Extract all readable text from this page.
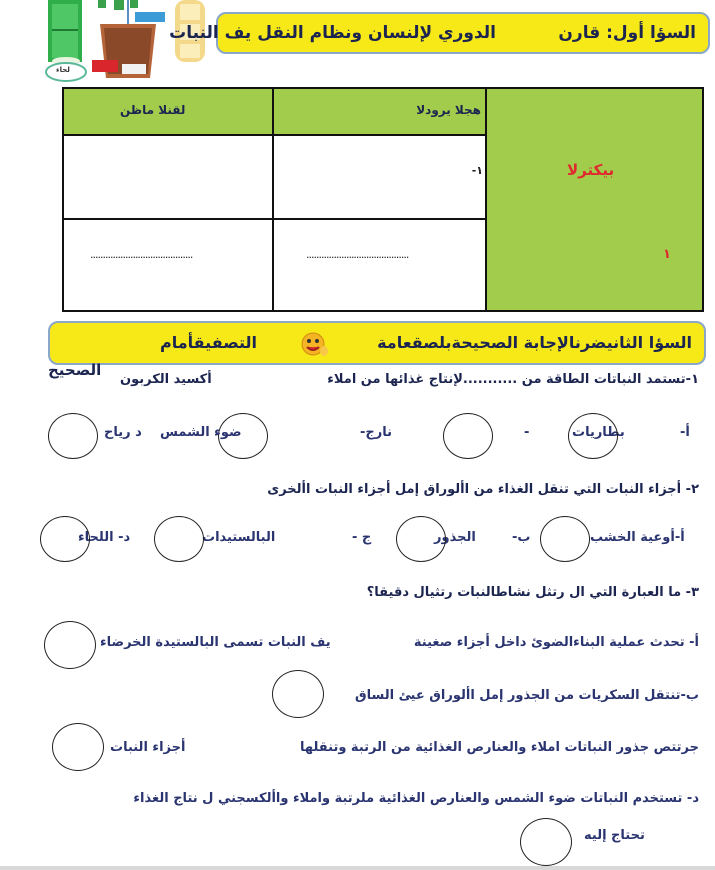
لحاء
السؤا أول: قارن
الدوري لإلنسان ونظام النقل يف النبات
بيكترلا
١
هجلا يرودلا
لقنلا ماظن
-١
.........................................
.........................................
السؤا الثانيضرنالإجابة الصحيحةبلصقعامة
التصفيقأمام
الصحيح
١-تستمد النباتات الطاقة من ...........لإنتاج غذائها من املاء
أكسيد الكربون
أ-
بطاريات
-
نارج-
ضوء الشمس
د رياح
٢- أجزاء النبات التي تنقل الغذاء من األوراق إمل أجزاء النبات األخرى
أ-أوعية الخشب
ب-
الجذور
ج -
البالستيدات
د- اللحاء
٣- ما العبارة التي ال رتثل نشاطالنبات رتثيال دقيقا؟
أ- تحدث عملية البناءالضوئ داخل أجزاء صغينة
يف النبات تسمى البالستيدة الخرضاء
ب-تنتقل السكريات من الجذور إمل األوراق عيئ الساق
جرتتص جذور النباتات املاء والعنارص الغذائية من الرتبة وتنقلها
أجزاء النبات
د- تستخدم النباتات ضوء الشمس والعنارص الغذائية ملرتبة واملاء واألكسجني ل نتاج الغذاء
تحتاج إليه
